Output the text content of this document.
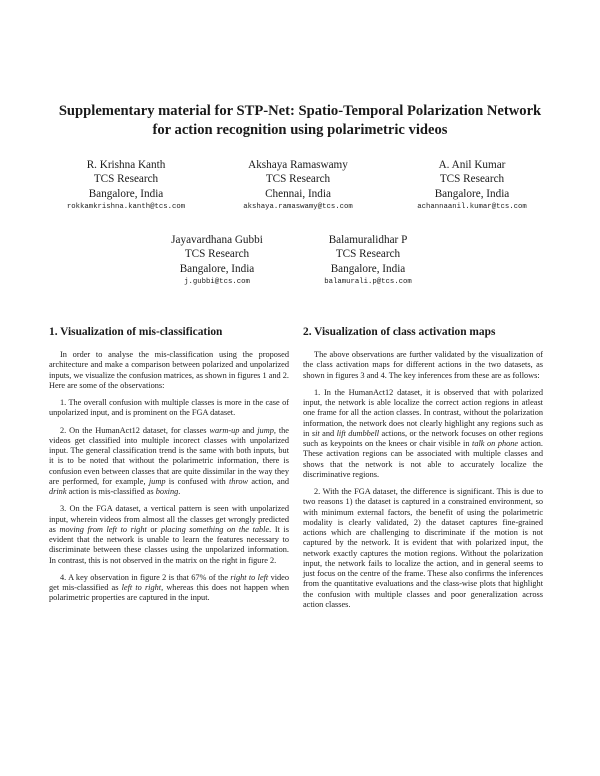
Supplementary material for STP-Net: Spatio-Temporal Polarization Network
for action recognition using polarimetric videos
R. Krishna Kanth
TCS Research
Bangalore, India
rokkamkrishna.kanth@tcs.com
Akshaya Ramaswamy
TCS Research
Chennai, India
akshaya.ramaswamy@tcs.com
A. Anil Kumar
TCS Research
Bangalore, India
achannaanil.kumar@tcs.com
Jayavardhana Gubbi
TCS Research
Bangalore, India
j.gubbi@tcs.com
Balamuralidhar P
TCS Research
Bangalore, India
balamurali.p@tcs.com
1. Visualization of mis-classification

In order to analyse the mis-classification using the proposed architecture and make a comparison between polarized and unpolarized inputs, we visualize the confusion matrices, as shown in figures 1 and 2. Here are some of the observations:

1. The overall confusion with multiple classes is more in the case of unpolarized input, and is prominent on the FGA dataset.

2. On the HumanAct12 dataset, for classes warm-up and jump, the videos get classified into multiple incorect classes with unpolarized input. The general classification trend is the same with both inputs, but it is to be noted that without the polarimetric information, there is confusion even between classes that are quite dissimilar in the way they are performed, for example, jump is confused with throw action, and drink action is mis-classified as boxing.

3. On the FGA dataset, a vertical pattern is seen with unpolarized input, wherein videos from almost all the classes get wrongly predicted as moving from left to right or placing something on the table. It is evident that the network is unable to learn the features necessary to discriminate between these classes using the unpolarized information. In contrast, this is not observed in the matrix on the right in figure 2.

4. A key observation in figure 2 is that 67% of the right to left video get mis-classified as left to right, whereas this does not happen when polarimetric properties are captured in the input.

2. Visualization of class activation maps

The above observations are further validated by the visualization of the class activation maps for different actions in the two datasets, as shown in figures 3 and 4. The key inferences from these are as follows:

1. In the HumanAct12 dataset, it is observed that with polarized input, the network is able localize the correct action regions in atleast one frame for all the action classes. In contrast, without the polarization information, the network does not clearly highlight any regions such as in sit and lift dumbbell actions, or the network focuses on other regions such as keypoints on the knees or chair visible in talk on phone action. These activation regions can be associated with multiple classes and shows that the network is not able to accurately localize the discriminative regions.

2. With the FGA dataset, the difference is significant. This is due to two reasons 1) the dataset is captured in a constrained environment, so with minimum external factors, the benefit of using the polarimetric modality is clearly validated, 2) the dataset captures fine-grained actions which are challenging to discriminate if the motion is not captured by the network. It is evident that with polarized input, the network exactly captures the motion regions. Without the polarization input, the network fails to localize the action, and in general seems to just focus on the centre of the frame. These also confirms the inferences from the quantitative evaluations and the class-wise plots that highlight the confusion with multiple classes and poor generalization across action classes.
